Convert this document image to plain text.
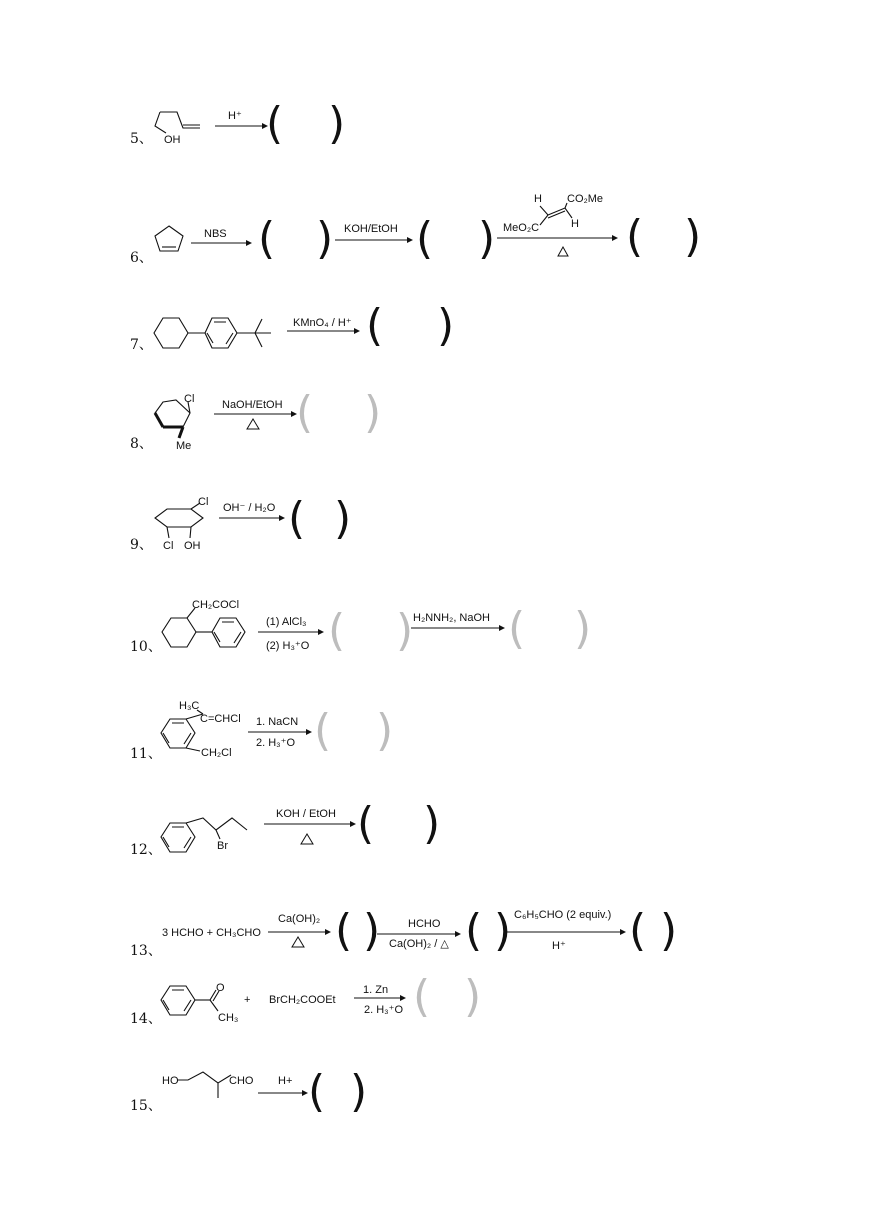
5、 OH
H⁺ ( )
6、
NBS ( ) KOH/EtOH ( )
H CO₂Me
MeO₂C	H ( )
7、
KMnO₄ / H⁺ ( )
8、
Cl
Me
NaOH/EtOH ( )
9、
Cl
Cl OH
OH⁻ / H₂O ( )
10、
CH₂COCl
(1) AlCl₃
(2) H₃⁺O ( ) H₂NNH₂, NaOH ( )
11、
H₃C
C=CHCl
CH₂Cl
1. NaCN
2. H₃⁺O ( )
12、	Br
KOH / EtOH ( )
13、
3 HCHO + CH₃CHO
Ca(OH)₂ ( )	HCHO
Ca(OH)₂ / △ ( ) C₆H₅CHO (2 equiv.)
H⁺ ( )
14、
O
CH₃
+ BrCH₂COOEt
1. Zn
2. H₃⁺O ( )
15、
HO	CHO H+ ( )
